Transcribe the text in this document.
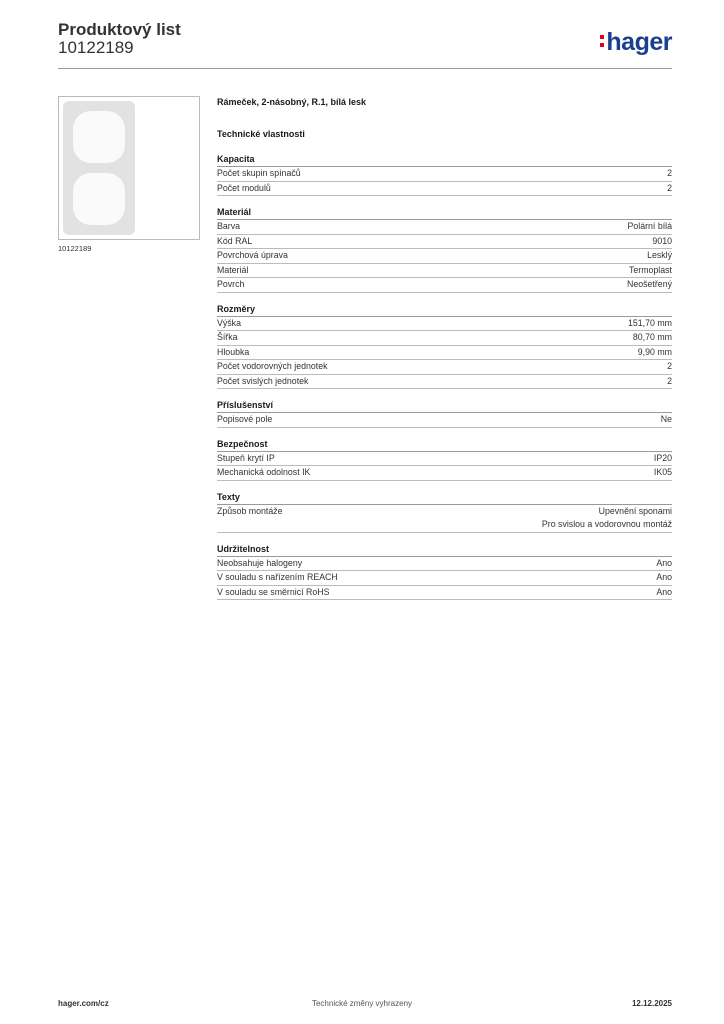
Produktový list
10122189	hager
10122189
Rámeček, 2-násobný, R.1, bílá lesk
Technické vlastnosti
Kapacita
Počet skupin spínačů	2
Počet modulů	2
Materiál
Barva	Polární bílá
Kód RAL	9010
Povrchová úprava	Lesklý
Materiál	Termoplast
Povrch	Neošetřený
Rozměry
Výška	151,70 mm
Šířka	80,70 mm
Hloubka	9,90 mm
Počet vodorovných jednotek	2
Počet svislých jednotek	2
Příslušenství
Popisové pole	Ne
Bezpečnost
Stupeň krytí IP	IP20
Mechanická odolnost IK	IK05
Texty
Způsob montáže	Upevnění sponami
Pro svislou a vodorovnou montáž
Udržitelnost
Neobsahuje halogeny	Ano
V souladu s nařízením REACH	Ano
V souladu se směrnicí RoHS	Ano
hager.com/cz	Technické změny vyhrazeny	12.12.2025
